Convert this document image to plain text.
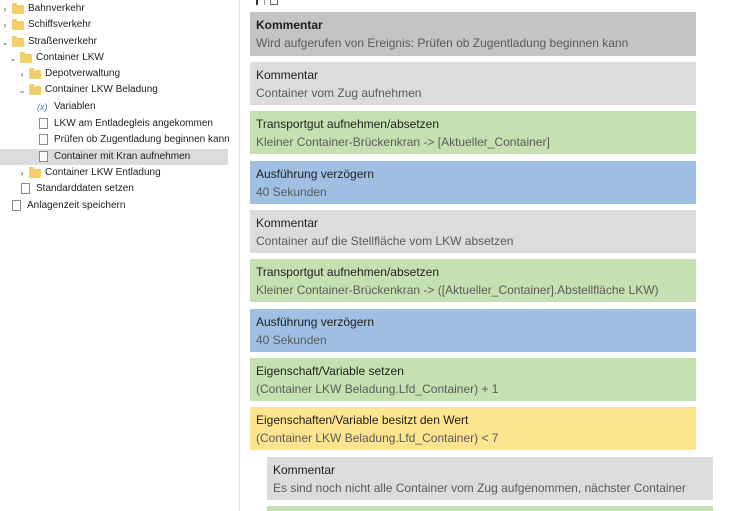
›	Bahnverkehr
›	Schiffsverkehr
⌄ Straßenverkehr
⌄ Container LKW
›	Depotverwaltung
⌄ Container LKW Beladung
(x) Variablen
LKW am Entladegleis angekommen
Prüfen ob Zugentladung beginnen kann
Container mit Kran aufnehmen
›	Container LKW Entladung
Standarddaten setzen
Anlagenzeit speichern
Kommentar
Wird aufgerufen von Ereignis: Prüfen ob Zugentladung beginnen kann
Kommentar
Container vom Zug aufnehmen
Transportgut aufnehmen/absetzen
Kleiner Container-Brückenkran -> [Aktueller_Container]
Ausführung verzögern
40 Sekunden
Kommentar
Container auf die Stellfläche vom LKW absetzen
Transportgut aufnehmen/absetzen
Kleiner Container-Brückenkran -> ([Aktueller_Container].Abstellfläche LKW)
Ausführung verzögern
40 Sekunden
Eigenschaft/Variable setzen
(Container LKW Beladung.Lfd_Container) + 1
Eigenschaften/Variable besitzt den Wert
(Container LKW Beladung.Lfd_Container) < 7
Kommentar
Es sind noch nicht alle Container vom Zug aufgenommen, nächster Container
